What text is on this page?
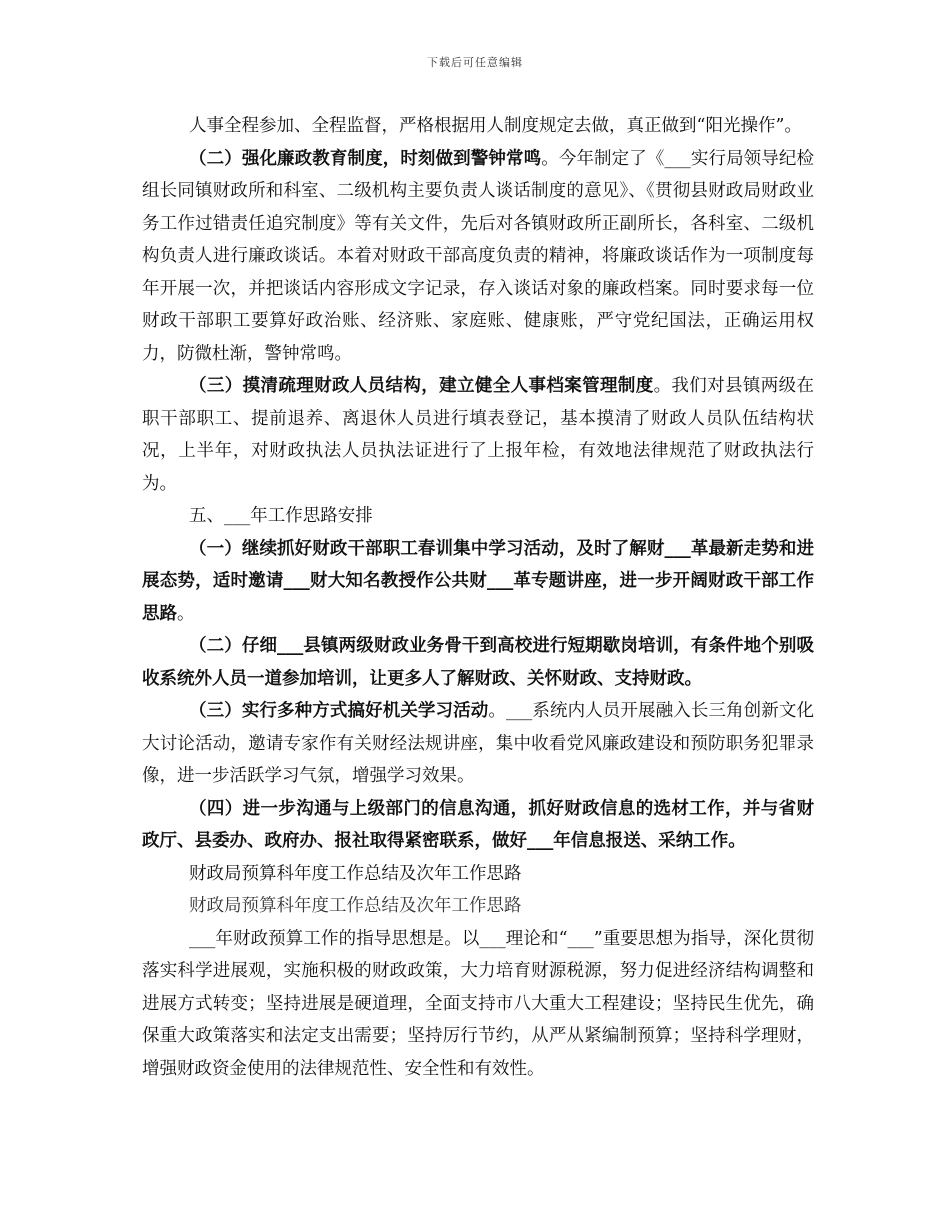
下载后可任意编辑

人事全程参加、全程监督，严格根据用人制度规定去做，真正做到“阳光操作”。

（二）强化廉政教育制度，时刻做到警钟常鸣。今年制定了《___实行局领导纪检组长同镇财政所和科室、二级机构主要负责人谈话制度的意见》、《贯彻县财政局财政业务工作过错责任追究制度》等有关文件，先后对各镇财政所正副所长，各科室、二级机构负责人进行廉政谈话。本着对财政干部高度负责的精神，将廉政谈话作为一项制度每年开展一次，并把谈话内容形成文字记录，存入谈话对象的廉政档案。同时要求每一位财政干部职工要算好政治账、经济账、家庭账、健康账，严守党纪国法，正确运用权力，防微杜渐，警钟常鸣。

（三）摸清疏理财政人员结构，建立健全人事档案管理制度。我们对县镇两级在职干部职工、提前退养、离退休人员进行填表登记，基本摸清了财政人员队伍结构状况，上半年，对财政执法人员执法证进行了上报年检，有效地法律规范了财政执法行为。

五、___年工作思路安排

（一）继续抓好财政干部职工春训集中学习活动，及时了解财___革最新走势和进展态势，适时邀请___财大知名教授作公共财___革专题讲座，进一步开阔财政干部工作思路。

（二）仔细___县镇两级财政业务骨干到高校进行短期歇岗培训，有条件地个别吸收系统外人员一道参加培训，让更多人了解财政、关怀财政、支持财政。

（三）实行多种方式搞好机关学习活动。___系统内人员开展融入长三角创新文化大讨论活动，邀请专家作有关财经法规讲座，集中收看党风廉政建设和预防职务犯罪录像，进一步活跃学习气氛，增强学习效果。

（四）进一步沟通与上级部门的信息沟通，抓好财政信息的选材工作，并与省财政厅、县委办、政府办、报社取得紧密联系，做好___年信息报送、采纳工作。

财政局预算科年度工作总结及次年工作思路

财政局预算科年度工作总结及次年工作思路

___年财政预算工作的指导思想是。以___理论和“___”重要思想为指导，深化贯彻落实科学进展观，实施积极的财政政策，大力培育财源税源，努力促进经济结构调整和进展方式转变；坚持进展是硬道理，全面支持市八大重大工程建设；坚持民生优先，确保重大政策落实和法定支出需要；坚持厉行节约，从严从紧编制预算；坚持科学理财，增强财政资金使用的法律规范性、安全性和有效性。
